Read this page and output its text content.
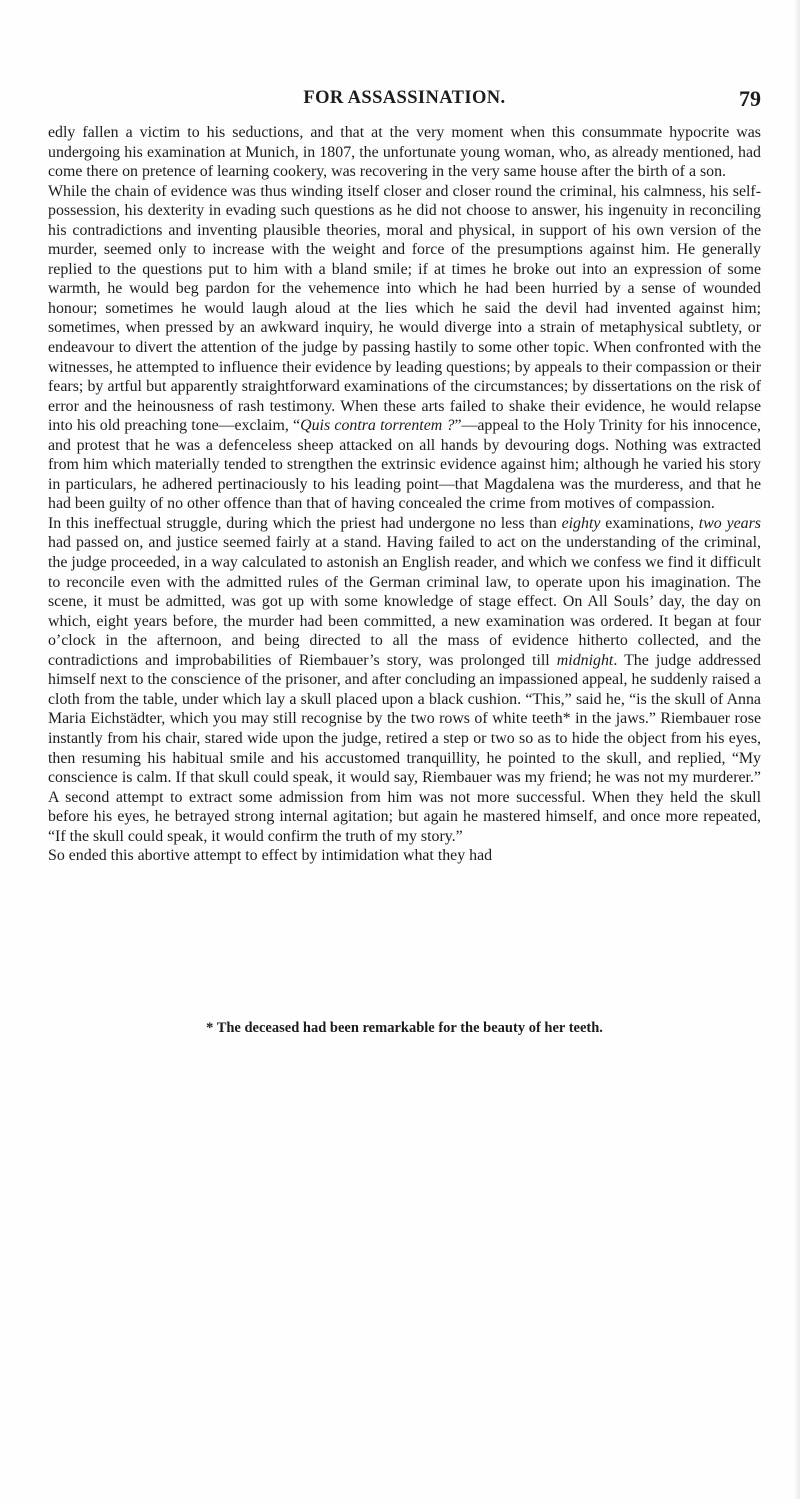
FOR ASSASSINATION.	79

edly fallen a victim to his seductions, and that at the very moment when this consummate hypocrite was undergoing his examination at Munich, in 1807, the unfortunate young woman, who, as already mentioned, had come there on pretence of learning cookery, was recovering in the very same house after the birth of a son.

While the chain of evidence was thus winding itself closer and closer round the criminal, his calmness, his self-possession, his dexterity in evading such questions as he did not choose to answer, his ingenuity in reconciling his contradictions and inventing plausible theories, moral and physical, in support of his own version of the murder, seemed only to increase with the weight and force of the presumptions against him. He generally replied to the questions put to him with a bland smile; if at times he broke out into an expression of some warmth, he would beg pardon for the vehemence into which he had been hurried by a sense of wounded honour; sometimes he would laugh aloud at the lies which he said the devil had invented against him; sometimes, when pressed by an awkward inquiry, he would diverge into a strain of metaphysical subtlety, or endeavour to divert the attention of the judge by passing hastily to some other topic. When confronted with the witnesses, he attempted to influence their evidence by leading questions; by appeals to their compassion or their fears; by artful but apparently straightforward examinations of the circumstances; by dissertations on the risk of error and the heinousness of rash testimony. When these arts failed to shake their evidence, he would relapse into his old preaching tone—exclaim, “Quis contra torrentem ?”—appeal to the Holy Trinity for his innocence, and protest that he was a defenceless sheep attacked on all hands by devouring dogs. Nothing was extracted from him which materially tended to strengthen the extrinsic evidence against him; although he varied his story in particulars, he adhered pertinaciously to his leading point—that Magdalena was the murderess, and that he had been guilty of no other offence than that of having concealed the crime from motives of compassion.

In this ineffectual struggle, during which the priest had undergone no less than eighty examinations, two years had passed on, and justice seemed fairly at a stand. Having failed to act on the understanding of the criminal, the judge proceeded, in a way calculated to astonish an English reader, and which we confess we find it difficult to reconcile even with the admitted rules of the German criminal law, to operate upon his imagination. The scene, it must be admitted, was got up with some knowledge of stage effect. On All Souls’ day, the day on which, eight years before, the murder had been committed, a new examination was ordered. It began at four o’clock in the afternoon, and being directed to all the mass of evidence hitherto collected, and the contradictions and improbabilities of Riembauer’s story, was prolonged till midnight. The judge addressed himself next to the conscience of the prisoner, and after concluding an impassioned appeal, he suddenly raised a cloth from the table, under which lay a skull placed upon a black cushion. “This,” said he, “is the skull of Anna Maria Eichstädter, which you may still recognise by the two rows of white teeth* in the jaws.” Riembauer rose instantly from his chair, stared wide upon the judge, retired a step or two so as to hide the object from his eyes, then resuming his habitual smile and his accustomed tranquillity, he pointed to the skull, and replied, “My conscience is calm. If that skull could speak, it would say, Riembauer was my friend; he was not my murderer.” A second attempt to extract some admission from him was not more successful. When they held the skull before his eyes, he betrayed strong internal agitation; but again he mastered himself, and once more repeated, “If the skull could speak, it would confirm the truth of my story.”

So ended this abortive attempt to effect by intimidation what they had

* The deceased had been remarkable for the beauty of her teeth.
